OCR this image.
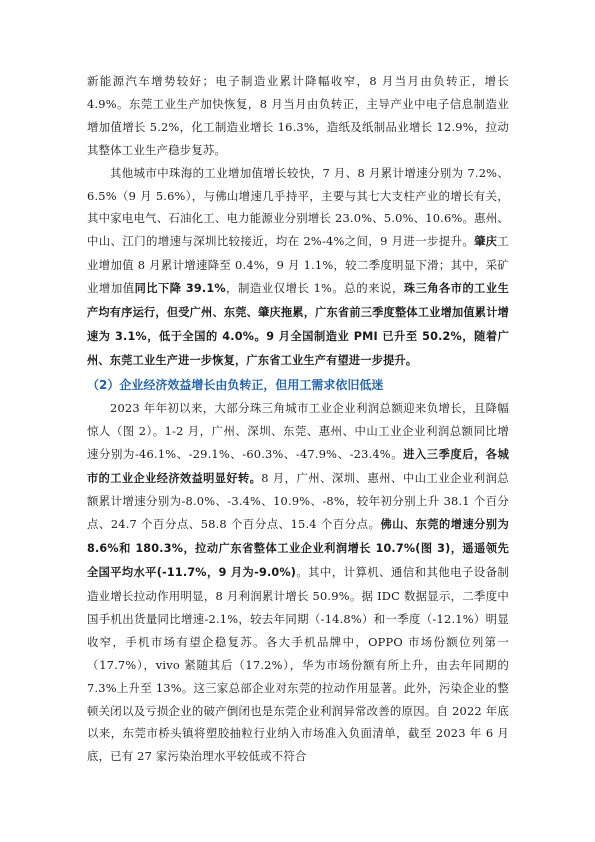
新能源汽车增势较好；电子制造业累计降幅收窄，8 月当月由负转正，增长 4.9%。东莞工业生产加快恢复，8 月当月由负转正，主导产业中电子信息制造业增加值增长 5.2%，化工制造业增长 16.3%，造纸及纸制品业增长 12.9%，拉动其整体工业生产稳步复苏。

其他城市中珠海的工业增加值增长较快，7 月、8 月累计增速分别为 7.2%、6.5%（9 月 5.6%），与佛山增速几乎持平，主要与其七大支柱产业的增长有关，其中家电电气、石油化工、电力能源业分别增长 23.0%、5.0%、10.6%。惠州、中山、江门的增速与深圳比较接近，均在 2%-4%之间，9 月进一步提升。肇庆工业增加值 8 月累计增速降至 0.4%，9 月 1.1%，较二季度明显下滑；其中，采矿业增加值同比下降 39.1%，制造业仅增长 1%。总的来说，珠三角各市的工业生产均有序运行，但受广州、东莞、肇庆拖累，广东省前三季度整体工业增加值累计增速为 3.1%，低于全国的 4.0%。9 月全国制造业 PMI 已升至 50.2%，随着广州、东莞工业生产进一步恢复，广东省工业生产有望进一步提升。

（2）企业经济效益增长由负转正，但用工需求依旧低迷

2023 年年初以来，大部分珠三角城市工业企业利润总额迎来负增长，且降幅惊人（图 2）。1-2 月，广州、深圳、东莞、惠州、中山工业企业利润总额同比增速分别为-46.1%、-29.1%、-60.3%、-47.9%、-23.4%。进入三季度后，各城市的工业企业经济效益明显好转。8 月，广州、深圳、惠州、中山工业企业利润总额累计增速分别为-8.0%、-3.4%、10.9%、-8%，较年初分别上升 38.1 个百分点、24.7 个百分点、58.8 个百分点、15.4 个百分点。佛山、东莞的增速分别为 8.6%和 180.3%，拉动广东省整体工业企业利润增长 10.7%(图 3)，遥遥领先全国平均水平(-11.7%，9 月为-9.0%)。其中，计算机、通信和其他电子设备制造业增长拉动作用明显，8 月利润累计增长 50.9%。据 IDC 数据显示，二季度中国手机出货量同比增速-2.1%，较去年同期（-14.8%）和一季度（-12.1%）明显收窄，手机市场有望企稳复苏。各大手机品牌中，OPPO 市场份额位列第一（17.7%），vivo 紧随其后（17.2%），华为市场份额有所上升，由去年同期的 7.3%上升至 13%。这三家总部企业对东莞的拉动作用显著。此外，污染企业的整顿关闭以及亏损企业的破产倒闭也是东莞企业利润异常改善的原因。自 2022 年底以来，东莞市桥头镇将塑胶抽粒行业纳入市场准入负面清单，截至 2023 年 6 月底，已有 27 家污染治理水平较低或不符合
